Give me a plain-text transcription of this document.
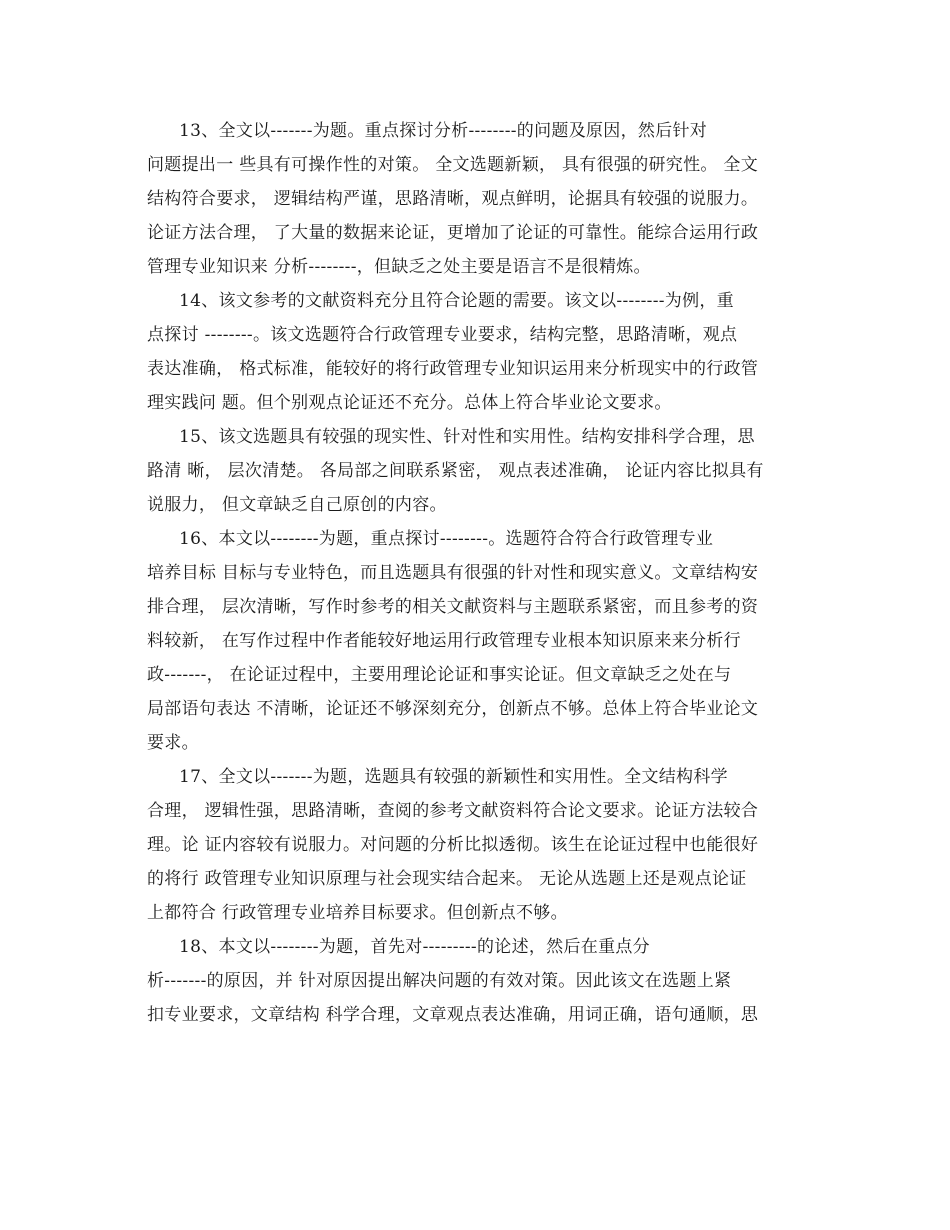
13、全文以-------为题。重点探讨分析--------的问题及原因，然后针对
问题提出一 些具有可操作性的对策。 全文选题新颖， 具有很强的研究性。 全文
结构符合要求， 逻辑结构严谨，思路清晰，观点鲜明，论据具有较强的说服力。
论证方法合理， 了大量的数据来论证，更增加了论证的可靠性。能综合运用行政
管理专业知识来 分析--------，但缺乏之处主要是语言不是很精炼。
14、该文参考的文献资料充分且符合论题的需要。该文以--------为例，重
点探讨 --------。该文选题符合行政管理专业要求，结构完整，思路清晰，观点
表达准确， 格式标准，能较好的将行政管理专业知识运用来分析现实中的行政管
理实践问 题。但个别观点论证还不充分。总体上符合毕业论文要求。
15、该文选题具有较强的现实性、针对性和实用性。结构安排科学合理，思
路清 晰， 层次清楚。 各局部之间联系紧密， 观点表述准确， 论证内容比拟具有
说服力， 但文章缺乏自己原创的内容。
16、本文以--------为题，重点探讨--------。选题符合符合行政管理专业
培养目标 目标与专业特色，而且选题具有很强的针对性和现实意义。文章结构安
排合理， 层次清晰，写作时参考的相关文献资料与主题联系紧密，而且参考的资
料较新， 在写作过程中作者能较好地运用行政管理专业根本知识原来来分析行
政-------， 在论证过程中，主要用理论论证和事实论证。但文章缺乏之处在与
局部语句表达 不清晰，论证还不够深刻充分，创新点不够。总体上符合毕业论文
要求。
17、全文以-------为题，选题具有较强的新颖性和实用性。全文结构科学
合理， 逻辑性强，思路清晰，查阅的参考文献资料符合论文要求。论证方法较合
理。论 证内容较有说服力。对问题的分析比拟透彻。该生在论证过程中也能很好
的将行 政管理专业知识原理与社会现实结合起来。 无论从选题上还是观点论证
上都符合 行政管理专业培养目标要求。但创新点不够。
18、本文以--------为题，首先对---------的论述，然后在重点分
析-------的原因，并 针对原因提出解决问题的有效对策。因此该文在选题上紧
扣专业要求，文章结构 科学合理，文章观点表达准确，用词正确，语句通顺，思
